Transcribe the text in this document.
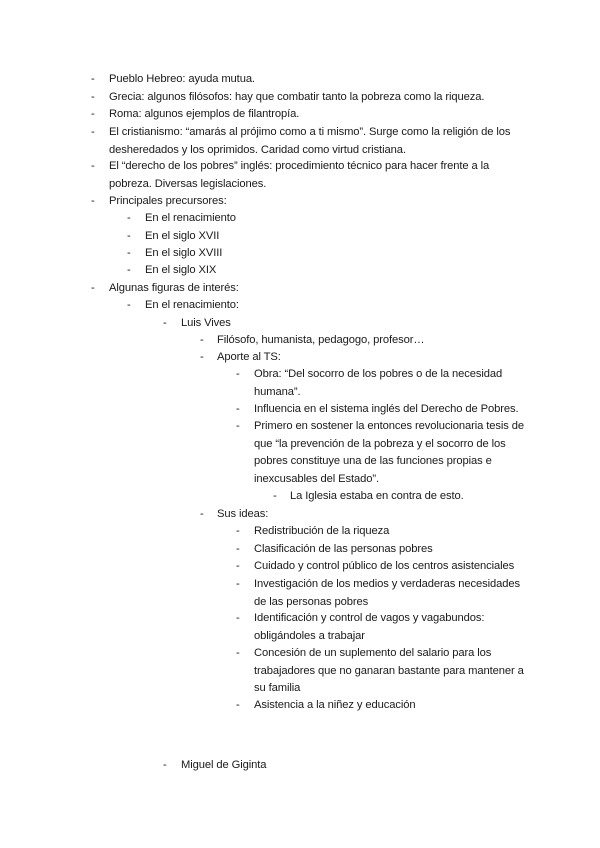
-	Pueblo Hebreo: ayuda mutua.
-	Grecia: algunos filósofos: hay que combatir tanto la pobreza como la riqueza.
-	Roma: algunos ejemplos de filantropía.
-	El cristianismo: “amarás al prójimo como a ti mismo”. Surge como la religión de los desheredados y los oprimidos. Caridad como virtud cristiana.
-	El “derecho de los pobres” inglés: procedimiento técnico para hacer frente a la pobreza. Diversas legislaciones.
-	Principales precursores:
-	En el renacimiento
-	En el siglo XVII
-	En el siglo XVIII
-	En el siglo XIX
-	Algunas figuras de interés:
-	En el renacimiento:
-	Luis Vives
-	Filósofo, humanista, pedagogo, profesor…
-	Aporte al TS:
-	Obra: “Del socorro de los pobres o de la necesidad humana”.
-	Influencia en el sistema inglés del Derecho de Pobres.
-	Primero en sostener la entonces revolucionaria tesis de que “la prevención de la pobreza y el socorro de los pobres constituye una de las funciones propias e inexcusables del Estado”.
-	La Iglesia estaba en contra de esto.
-	Sus ideas:
-	Redistribución de la riqueza
-	Clasificación de las personas pobres
-	Cuidado y control público de los centros asistenciales
-	Investigación de los medios y verdaderas necesidades de las personas pobres
-	Identificación y control de vagos y vagabundos: obligándoles a trabajar
-	Concesión de un suplemento del salario para los trabajadores que no ganaran bastante para mantener a su familia
-	Asistencia a la niñez y educación
-	Miguel de Giginta
